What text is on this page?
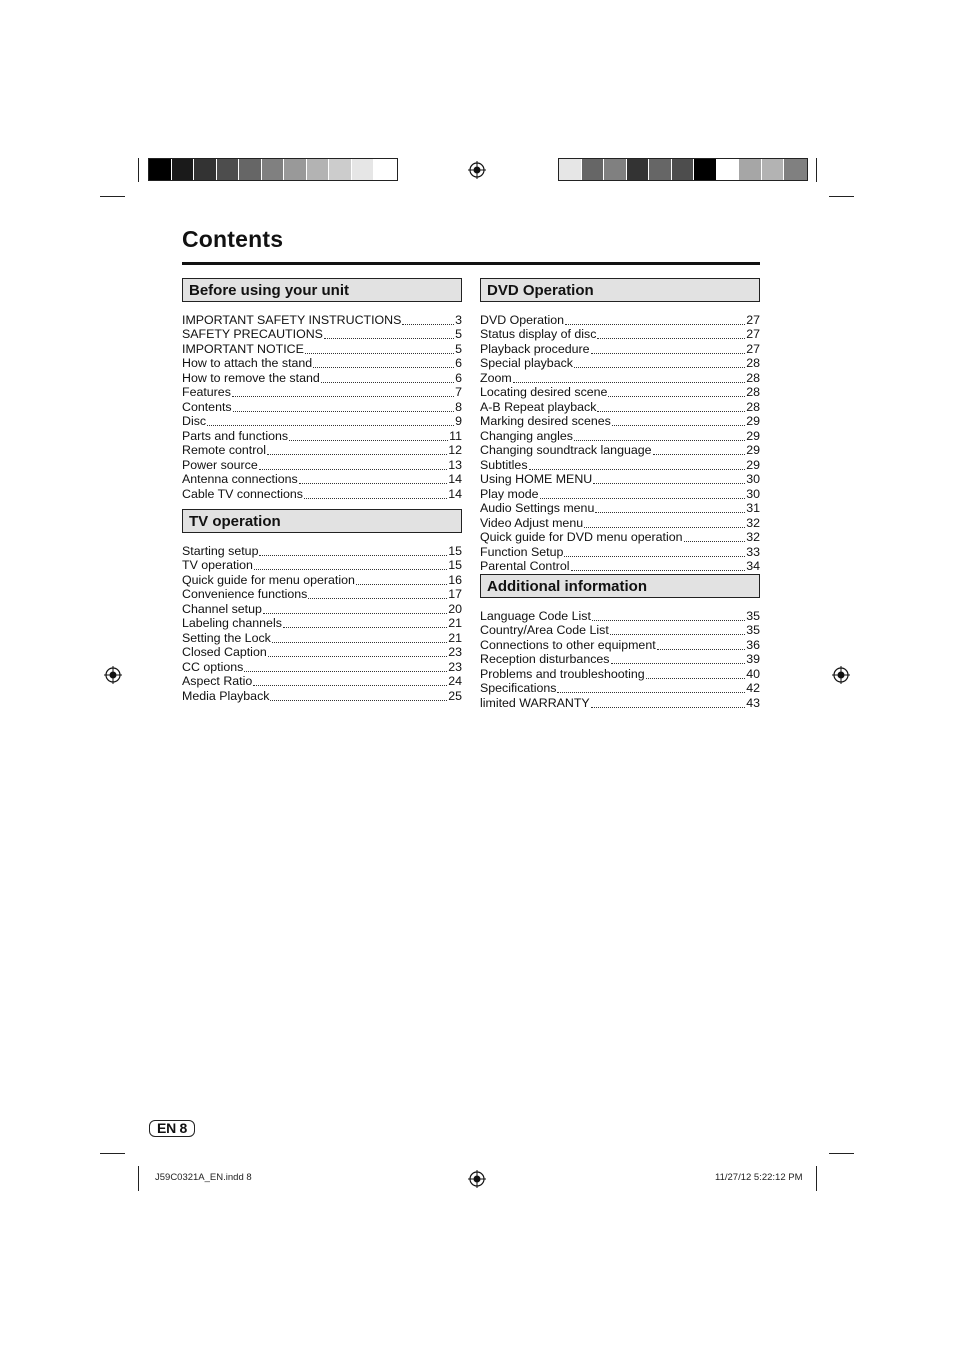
Contents
Before using your unit
IMPORTANT SAFETY INSTRUCTIONS	3
SAFETY PRECAUTIONS	5
IMPORTANT NOTICE	5
How to attach the stand	6
How to remove the stand	6
Features	7
Contents	8
Disc	9
Parts and functions	11
Remote control	12
Power source	13
Antenna connections	14
Cable TV connections	14
TV operation
Starting setup	15
TV operation	15
Quick guide for menu operation	16
Convenience functions	17
Channel setup	20
Labeling channels	21
Setting the Lock	21
Closed Caption	23
CC options	23
Aspect Ratio	24
Media Playback	25
DVD Operation
DVD Operation	27
Status display of disc	27
Playback procedure	27
Special playback	28
Zoom	28
Locating desired scene	28
A-B Repeat playback	28
Marking desired scenes	29
Changing angles	29
Changing soundtrack language	29
Subtitles	29
Using HOME MENU	30
Play mode	30
Audio Settings menu	31
Video Adjust menu	32
Quick guide for DVD menu operation	32
Function Setup	33
Parental Control	34
Additional information
Language Code List	35
Country/Area Code List	35
Connections to other equipment	36
Reception disturbances	39
Problems and troubleshooting	40
Specifications	42
limited WARRANTY	43
EN 8
J59C0321A_EN.indd 8	11/27/12 5:22:12 PM
